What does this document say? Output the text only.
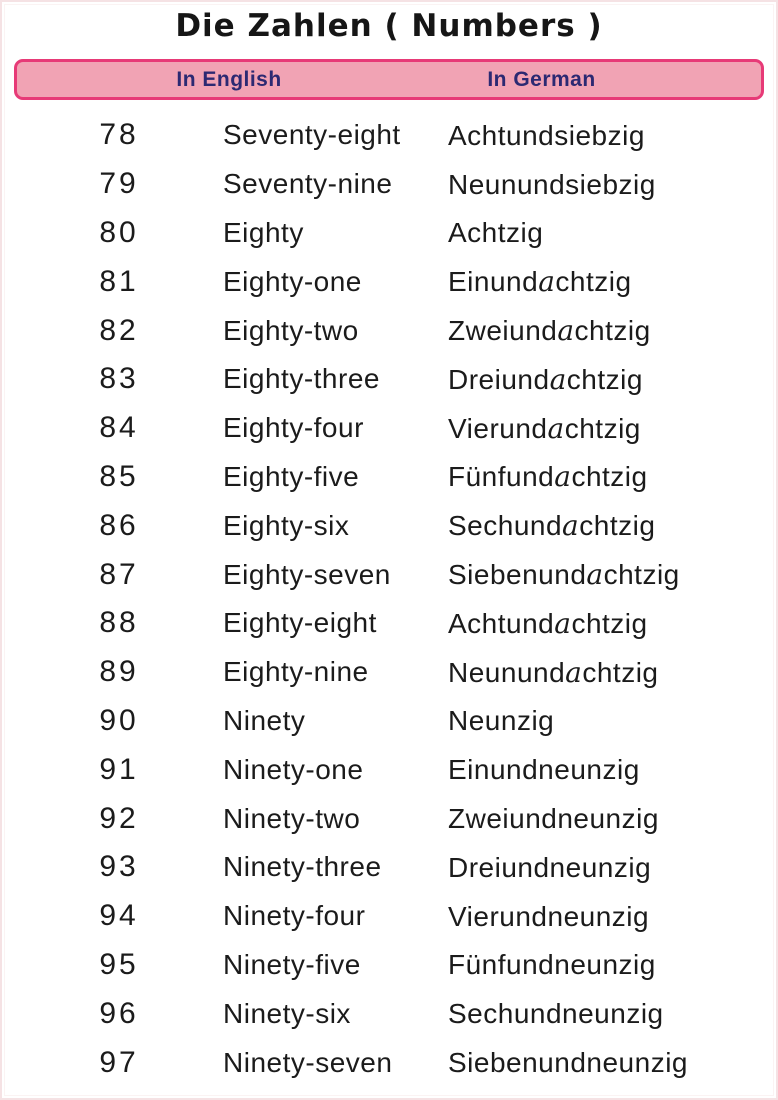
Die Zahlen ( Numbers )
In English	In German
78	Seventy-eight	Achtundsiebzig
79	Seventy-nine	Neunundsiebzig
80	Eighty	Achtzig
81	Eighty-one	Einundachtzig
82	Eighty-two	Zweiundachtzig
83	Eighty-three	Dreiundachtzig
84	Eighty-four	Vierundachtzig
85	Eighty-five	Fünfundachtzig
86	Eighty-six	Sechundachtzig
87	Eighty-seven	Siebenundachtzig
88	Eighty-eight	Achtundachtzig
89	Eighty-nine	Neunundachtzig
90	Ninety	Neunzig
91	Ninety-one	Einundneunzig
92	Ninety-two	Zweiundneunzig
93	Ninety-three	Dreiundneunzig
94	Ninety-four	Vierundneunzig
95	Ninety-five	Fünfundneunzig
96	Ninety-six	Sechundneunzig
97	Ninety-seven	Siebenundneunzig
